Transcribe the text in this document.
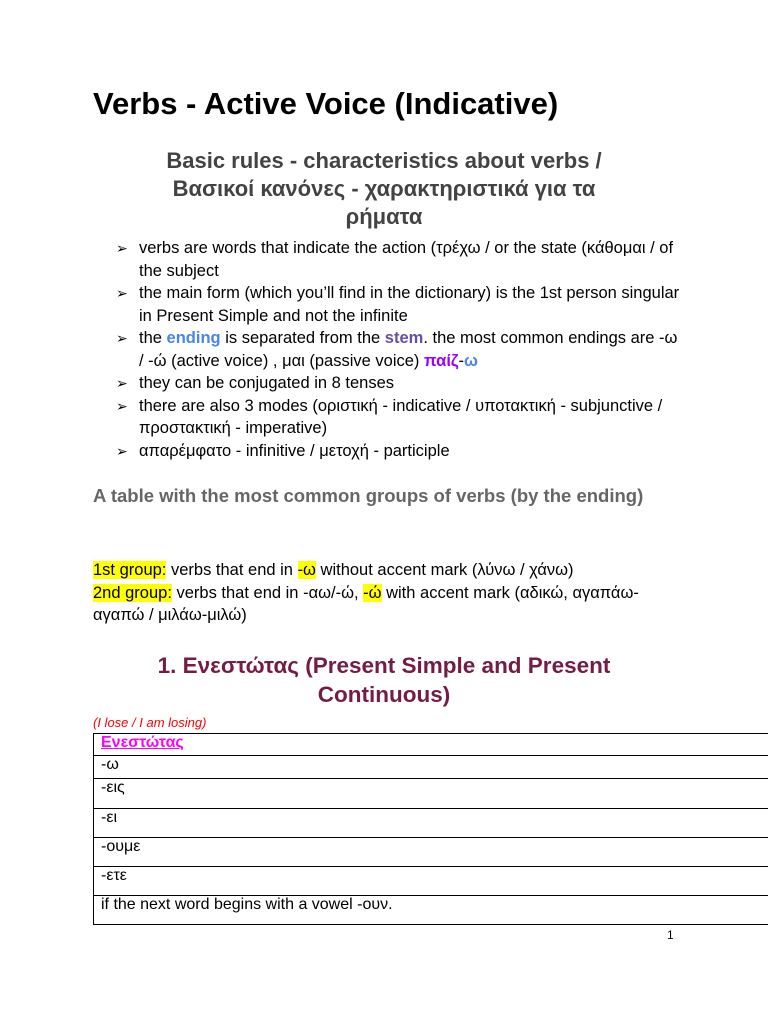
Verbs - Active Voice (Indicative)
Basic rules - characteristics about verbs /
Βασικοί κανόνες - χαρακτηριστικά για τα
ρήματα
➢ verbs are words that indicate the action (τρέχω / or the state (κάθομαι / of the subject
➢ the main form (which you’ll find in the dictionary) is the 1st person singular in Present Simple and not the infinite
➢ the ending is separated from the stem. the most common endings are -ω / -ώ (active voice) , μαι (passive voice) παίζ-ω
➢ they can be conjugated in 8 tenses
➢ there are also 3 modes (οριστική - indicative / υποτακτική - subjunctive / προστακτική - imperative)
➢ απαρέμφατο - infinitive / μετοχή - participle
A table with the most common groups of verbs (by the ending)
1st group: verbs that end in -ω without accent mark (λύνω / χάνω)
2nd group: verbs that end in -αω/-ώ, -ώ with accent mark (αδικώ, αγαπάω-αγαπώ / μιλάω-μιλώ)
1. Ενεστώτας (Present Simple and Present
Continuous)
(I lose / I am losing)
Ενεστώτας
-ω
-εις
-ει
-ουμε
-ετε
if the next word begins with a vowel -ουν.
1
